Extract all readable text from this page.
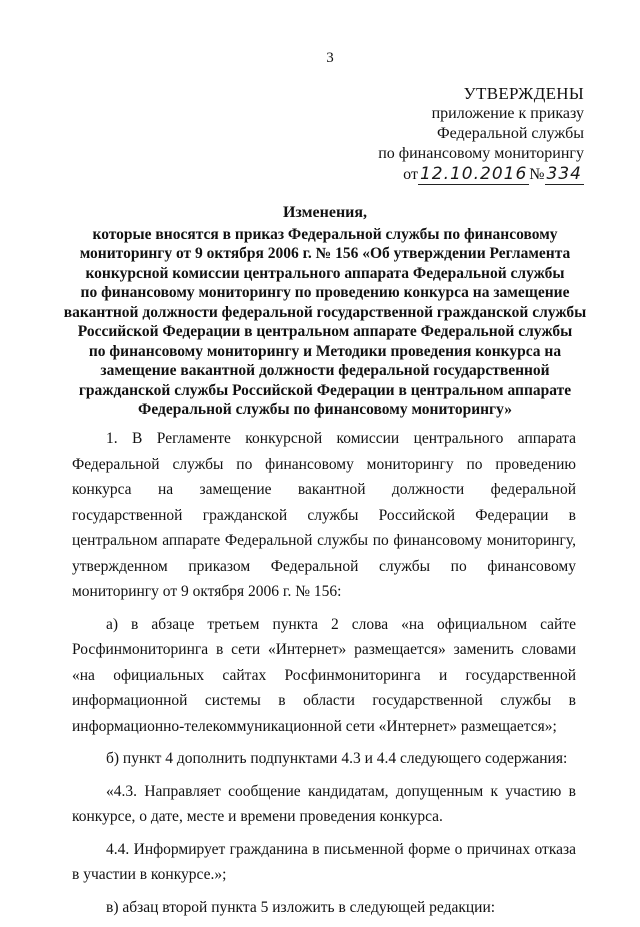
3
УТВЕРЖДЕНЫ
приложение к приказу
Федеральной службы
по финансовому мониторингу
от 12.10.2016 № 334
Изменения,
которые вносятся в приказ Федеральной службы по финансовому
мониторингу от 9 октября 2006 г. № 156 «Об утверждении Регламента
конкурсной комиссии центрального аппарата Федеральной службы
по финансовому мониторингу по проведению конкурса на замещение
вакантной должности федеральной государственной гражданской службы
Российской Федерации в центральном аппарате Федеральной службы
по финансовому мониторингу и Методики проведения конкурса на
замещение вакантной должности федеральной государственной
гражданской службы Российской Федерации в центральном аппарате
Федеральной службы по финансовому мониторингу»

1. В Регламенте конкурсной комиссии центрального аппарата Федеральной службы по финансовому мониторингу по проведению конкурса на замещение вакантной должности федеральной государственной гражданской службы Российской Федерации в центральном аппарате Федеральной службы по финансовому мониторингу, утвержденном приказом Федеральной службы по финансовому мониторингу от 9 октября 2006 г. № 156:

а) в абзаце третьем пункта 2 слова «на официальном сайте Росфинмониторинга в сети «Интернет» размещается» заменить словами «на официальных сайтах Росфинмониторинга и государственной информационной системы в области государственной службы в информационно-телекоммуникационной сети «Интернет» размещается»;

б) пункт 4 дополнить подпунктами 4.3 и 4.4 следующего содержания:

«4.3. Направляет сообщение кандидатам, допущенным к участию в конкурсе, о дате, месте и времени проведения конкурса.

4.4. Информирует гражданина в письменной форме о причинах отказа в участии в конкурсе.»;

в) абзац второй пункта 5 изложить в следующей редакции:
